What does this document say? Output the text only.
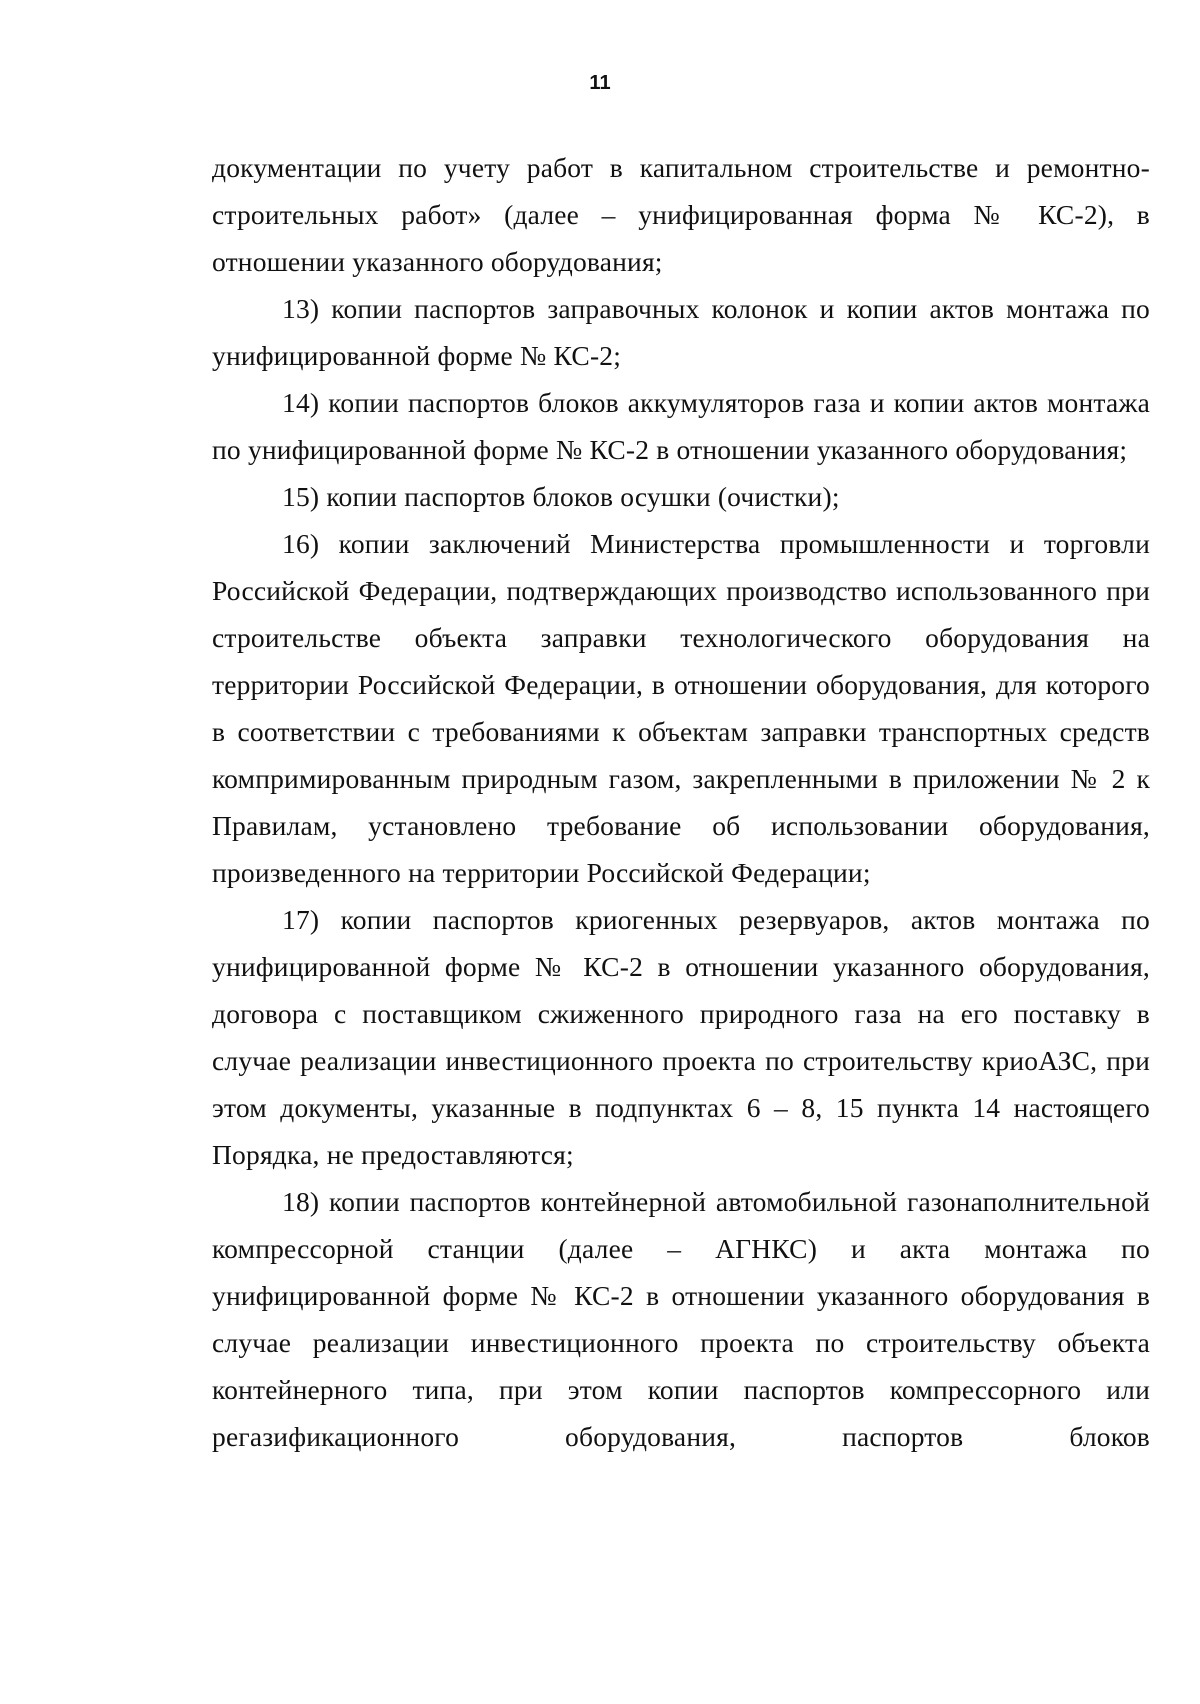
11

документации по учету работ в капитальном строительстве и ремонтно-строительных работ» (далее – унифицированная форма № КС-2), в отношении указанного оборудования;

13) копии паспортов заправочных колонок и копии актов монтажа по унифицированной форме № КС-2;

14) копии паспортов блоков аккумуляторов газа и копии актов монтажа по унифицированной форме № КС-2 в отношении указанного оборудования;

15) копии паспортов блоков осушки (очистки);

16) копии заключений Министерства промышленности и торговли Российской Федерации, подтверждающих производство использованного при строительстве объекта заправки технологического оборудования на территории Российской Федерации, в отношении оборудования, для которого в соответствии с требованиями к объектам заправки транспортных средств компримированным природным газом, закрепленными в приложении № 2 к Правилам, установлено требование об использовании оборудования, произведенного на территории Российской Федерации;

17) копии паспортов криогенных резервуаров, актов монтажа по унифицированной форме № КС-2 в отношении указанного оборудования, договора с поставщиком сжиженного природного газа на его поставку в случае реализации инвестиционного проекта по строительству криоАЗС, при этом документы, указанные в подпунктах 6 – 8, 15 пункта 14 настоящего Порядка, не предоставляются;

18) копии паспортов контейнерной автомобильной газонаполнительной компрессорной станции (далее – АГНКС) и акта монтажа по унифицированной форме № КС-2 в отношении указанного оборудования в случае реализации инвестиционного проекта по строительству объекта контейнерного типа, при этом копии паспортов компрессорного или регазификационного оборудования, паспортов блоков
